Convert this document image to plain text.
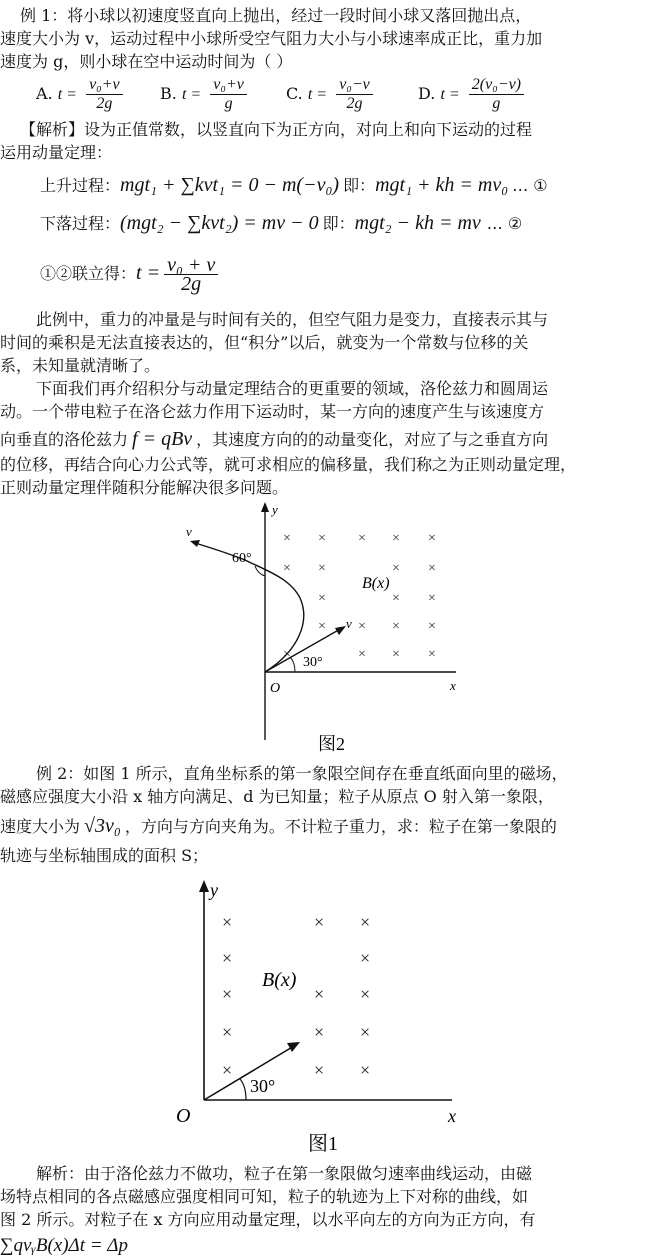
例 1：将小球以初速度竖直向上抛出，经过一段时间小球又落回抛出点，
速度大小为 v，运动过程中小球所受空气阻力大小与小球速率成正比，重力加
速度为 g，则小球在空中运动时间为（ ）
A. $t = \frac{\text{v₀+v}}{2g} B$. $t = \frac{\text{v₀+v}}{g} C$. $t = \frac{\text{v₀−v}}{2g}$	D. $t = \frac{\text{2(v₀−v)}}{g}$
【解析】设为正值常数，以竖直向下为正方向，对向上和向下运动的过程
运用动量定理：
上升过程：mgt₁ + ∑kvt₁ = 0 − m(−v₀) 即：mgt₁ + kh = mv₀ … ①
下落过程：(mgt₂ − ∑kvt₂) = mv − 0 即：mgt₂ − kh = mv … ②
①②联立得：$t = \frac{\text{v₀ + v}}{2g}$
此例中，重力的冲量是与时间有关的，但空气阻力是变力，直接表示其与
时间的乘积是无法直接表达的，但“积分”以后，就变为一个常数与位移的关
系，未知量就清晰了。
下面我们再介绍积分与动量定理结合的更重要的领域，洛伦兹力和圆周运
动。一个带电粒子在洛仑兹力作用下运动时，某一方向的速度产生与该速度方
向垂直的洛伦兹力 f = qBv ，其速度方向的的动量变化，对应了与之垂直方向
的位移，再结合向心力公式等，就可求相应的偏移量，我们称之为正则动量定理，
正则动量定理伴随积分能解决很多问题。
y
x
O
× × × × ×
× ×	× ×
×	× ×
× × × ×
×	× × ×
B(x)
v
60°
v
30°
图2
例 2：如图 1 所示，直角坐标系的第一象限空间存在垂直纸面向里的磁场，
磁感应强度大小沿 x 轴方向满足、d 为已知量；粒子从原点 O 射入第一象限，
速度大小为 √3v₀ ，方向与方向夹角为。不计粒子重力，求：粒子在第一象限的
轨迹与坐标轴围成的面积 S；
y
x
O
×
×
×
×
×
× ×
×
× ×
× ×
× ×
B(x)
30°
图1
解析：由于洛伦兹力不做功，粒子在第一象限做匀速率曲线运动，由磁
场特点相同的各点磁感应强度相同可知，粒子的轨迹为上下对称的曲线，如
图 2 所示。对粒子在 x 方向应用动量定理，以水平向左的方向为正方向，有
∑qvᵧB(x)Δt = Δp
